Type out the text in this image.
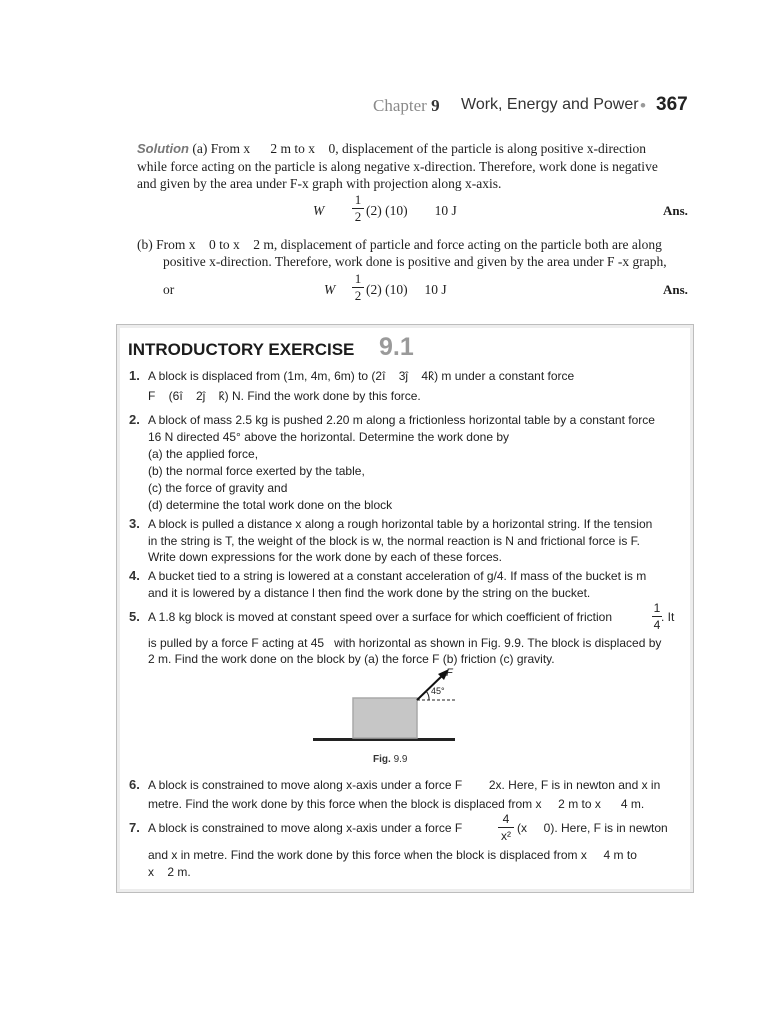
Chapter 9 Work, Energy and Power • 367
Solution (a) From x      2 m to x    0, displacement of the particle is along positive x-direction
while force acting on the particle is along negative x-direction. Therefore, work done is negative
and given by the area under F-x graph with projection along x-axis.
W
1
2 (2) (10)        10 J	Ans.
(b) From x    0 to x    2 m, displacement of particle and force acting on the particle both are along
positive x-direction. Therefore, work done is positive and given by the area under F -x graph,
or	W
1
2 (2) (10)     10 J	Ans.
INTRODUCTORY EXERCISE 9.1
1. A block is displaced from (1m, 4m, 6m) to (2î    3ĵ    4k̂) m under a constant force
F    (6î    2ĵ    k̂) N. Find the work done by this force.
2. A block of mass 2.5 kg is pushed 2.20 m along a frictionless horizontal table by a constant force
16 N directed 45° above the horizontal. Determine the work done by
(a) the applied force,
(b) the normal force exerted by the table,
(c) the force of gravity and
(d) determine the total work done on the block
3. A block is pulled a distance x along a rough horizontal table by a horizontal string. If the tension
in the string is T, the weight of the block is w, the normal reaction is N and frictional force is F.
Write down expressions for the work done by each of these forces.
4. A bucket tied to a string is lowered at a constant acceleration of g/4. If mass of the bucket is m
and it is lowered by a distance l then find the work done by the string on the bucket.
5. A 1.8 kg block is moved at constant speed over a surface for which coefficient of friction
1
4
. It
is pulled by a force F acting at 45   with horizontal as shown in Fig. 9.9. The block is displaced by
2 m. Find the work done on the block by (a) the force F (b) friction (c) gravity.
F
45°
Fig. 9.9
6. A block is constrained to move along x-axis under a force F        2x. Here, F is in newton and x in
metre. Find the work done by this force when the block is displaced from x     2 m to x      4 m.
7. A block is constrained to move along x-axis under a force F
4
x²
(x     0). Here, F is in newton
and x in metre. Find the work done by this force when the block is displaced from x     4 m to
x    2 m.
